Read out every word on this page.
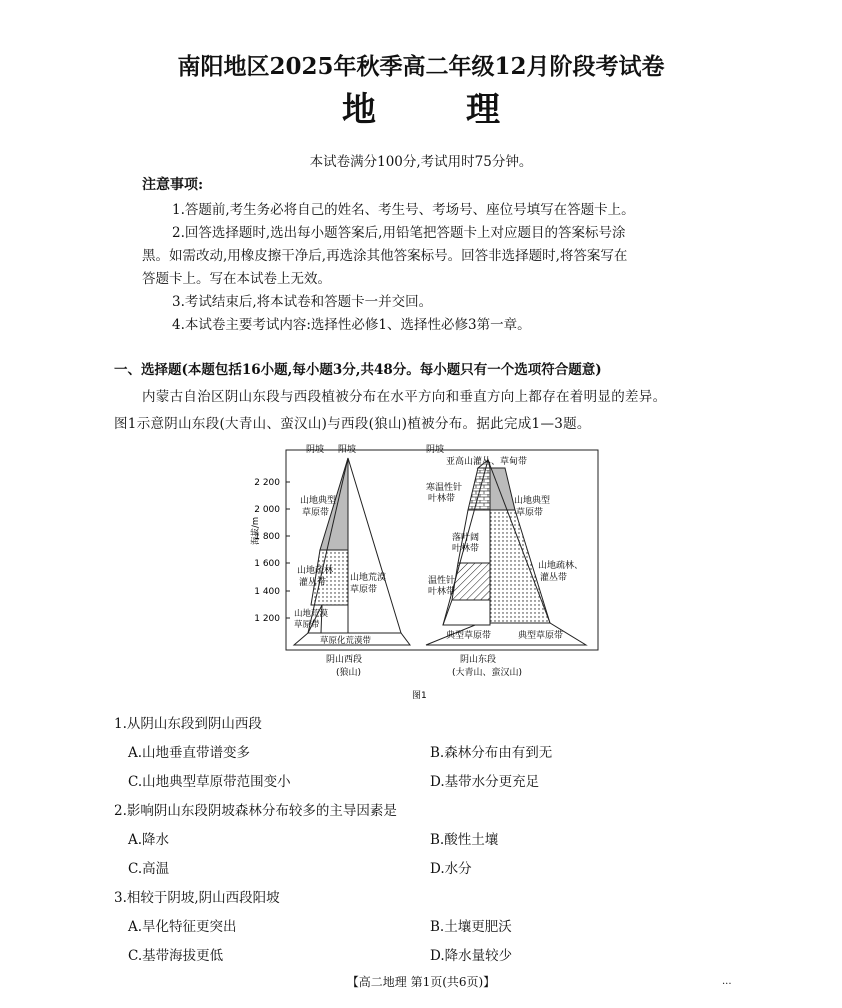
南阳地区2025年秋季高二年级12月阶段考试卷
地理
本试卷满分100分,考试用时75分钟。
注意事项:
1.答题前,考生务必将自己的姓名、考生号、考场号、座位号填写在答题卡上。
2.回答选择题时,选出每小题答案后,用铅笔把答题卡上对应题目的答案标号涂
黑。如需改动,用橡皮擦干净后,再选涂其他答案标号。回答非选择题时,将答案写在
答题卡上。写在本试卷上无效。
3.考试结束后,将本试卷和答题卡一并交回。
4.本试卷主要考试内容:选择性必修1、选择性必修3第一章。
一、选择题(本题包括16小题,每小题3分,共48分。每小题只有一个选项符合题意)
内蒙古自治区阴山东段与西段植被分布在水平方向和垂直方向上都存在着明显的差异。
图1示意阴山东段(大青山、蛮汉山)与西段(狼山)植被分布。据此完成1—3题。
海拔/m
2 200
2 000
1 800
1 600
1 400
1 200
阴坡 阳坡
山地典型
草原带
山地疏林
灌丛带
山地荒漠
草原带
山地荒漠
草原带
草原化荒漠带
阴山西段
(狼山)
阴坡
亚高山灌丛、草甸带
寒温性针
叶林带
落叶阔
叶林带
温性针
叶林带
典型草原带
山地典型
草原带
山地疏林、
灌丛带
典型草原带
阴山东段
(大青山、蛮汉山)
图1
1.从阴山东段到阴山西段
A.山地垂直带谱变多	B.森林分布由有到无
C.山地典型草原带范围变小	D.基带水分更充足
2.影响阴山东段阴坡森林分布较多的主导因素是
A.降水	B.酸性土壤
C.高温	D.水分
3.相较于阴坡,阴山西段阳坡
A.旱化特征更突出	B.土壤更肥沃
C.基带海拔更低	D.降水量较少
【高二地理 第1页(共6页)】	...
